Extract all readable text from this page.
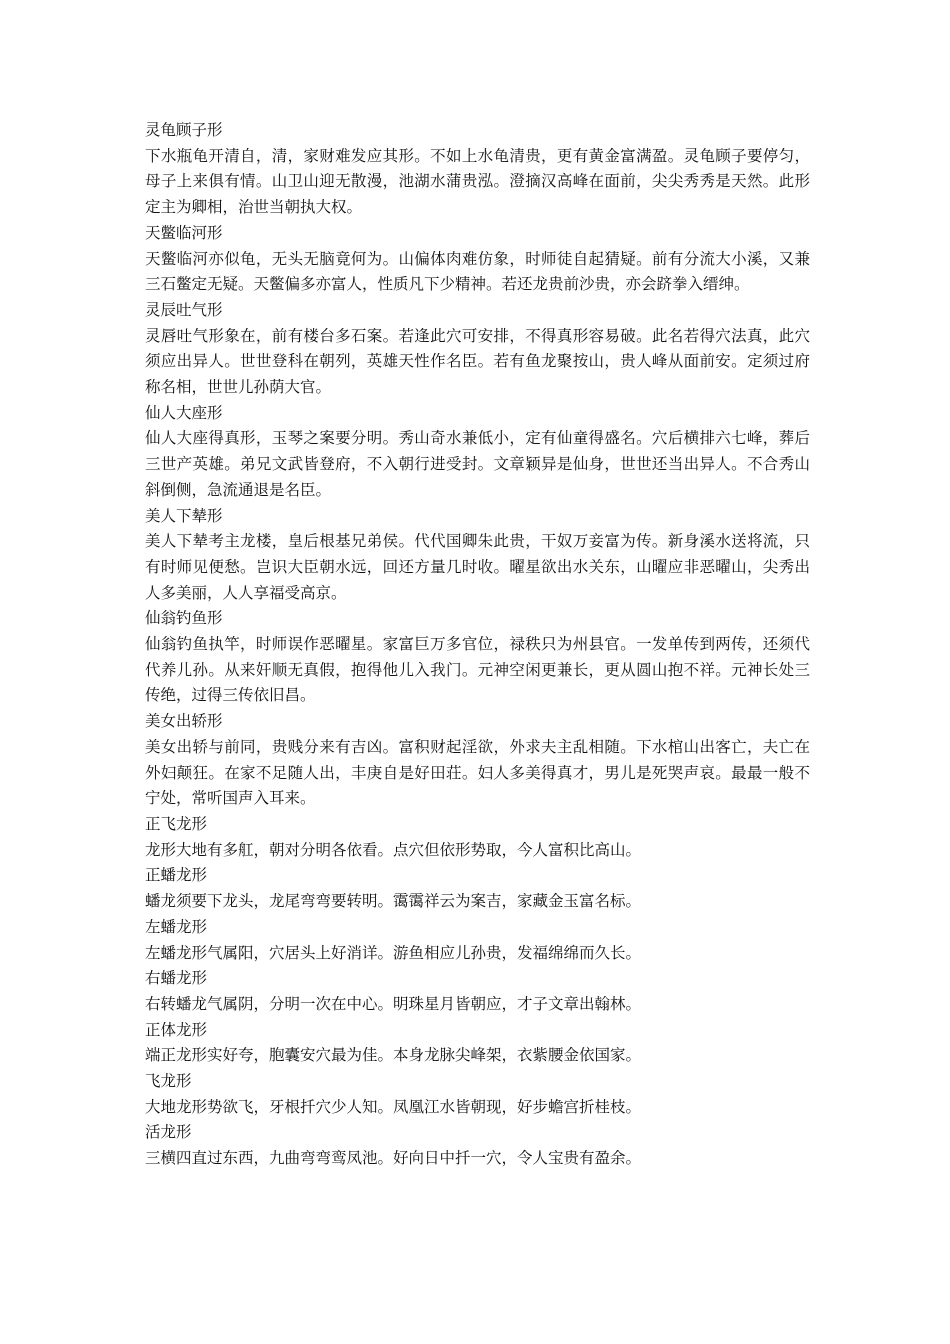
灵龟顾子形

下水瓶龟开清自，清，家财难发应其形。不如上水龟清贵，更有黄金富满盈。灵龟顾子要停匀，母子上来俱有情。山卫山迎无散漫，池湖水蒲贵泓。澄摘汉高峰在面前，尖尖秀秀是天然。此形定主为卿相，治世当朝执大权。

天鳖临河形

天鳖临河亦似龟，无头无脑竟何为。山偏体肉难仿象，时师徒自起猜疑。前有分流大小溪，又兼三石鳖定无疑。天鳖偏多亦富人，性质凡下少精神。若还龙贵前沙贵，亦会跻拳入缙绅。

灵辰吐气形

灵唇吐气形象在，前有楼台多石案。若逢此穴可安排，不得真形容易破。此名若得穴法真，此穴须应出异人。世世登科在朝列，英雄天性作名臣。若有鱼龙聚按山，贵人峰从面前安。定须过府称名相，世世儿孙荫大官。

仙人大座形

仙人大座得真形，玉琴之案要分明。秀山奇水兼低小，定有仙童得盛名。穴后横排六七峰，葬后三世产英雄。弟兄文武皆登府，不入朝行进受封。文章颖异是仙身，世世还当出异人。不合秀山斜倒侧，急流通退是名臣。

美人下辇形

美人下辇考主龙楼，皇后根基兄弟侯。代代国卿朱此贵，干奴万妾富为传。新身溪水送将流，只有时师见便愁。岂识大臣朝水远，回还方量几时收。曜星欲出水关东，山曜应非恶曜山，尖秀出人多美丽，人人享福受高京。

仙翁钓鱼形

仙翁钓鱼执竿，时师误作恶曜星。家富巨万多官位，禄秩只为州县官。一发单传到两传，还须代代养儿孙。从来奸顺无真假，抱得他儿入我门。元神空闲更兼长，更从圆山抱不祥。元神长处三传绝，过得三传依旧昌。

美女出轿形

美女出轿与前同，贵贱分来有吉凶。富积财起淫欲，外求夫主乱相随。下水棺山出客亡，夫亡在外妇颠狂。在家不足随人出，丰庚自是好田荘。妇人多美得真才，男儿是死哭声哀。最最一般不宁处，常听国声入耳来。

正飞龙形

龙形大地有多舡，朝对分明各依看。点穴但依形势取，今人富积比高山。

正蟠龙形

蟠龙须要下龙头，龙尾弯弯要转明。霭霭祥云为案吉，家藏金玉富名标。

左蟠龙形

左蟠龙形气属阳，穴居头上好消详。游鱼相应儿孙贵，发福绵绵而久长。

右蟠龙形

右转蟠龙气属阴，分明一次在中心。明珠星月皆朝应，才子文章出翰林。

正体龙形

端正龙形实好夸，胞囊安穴最为佳。本身龙脉尖峰架，衣紫腰金依国家。

飞龙形

大地龙形势欲飞，牙根扦穴少人知。凤凰江水皆朝现，好步蟾宫折桂枝。

活龙形

三横四直过东西，九曲弯弯鸾凤池。好向日中扦一穴，令人宝贵有盈余。
